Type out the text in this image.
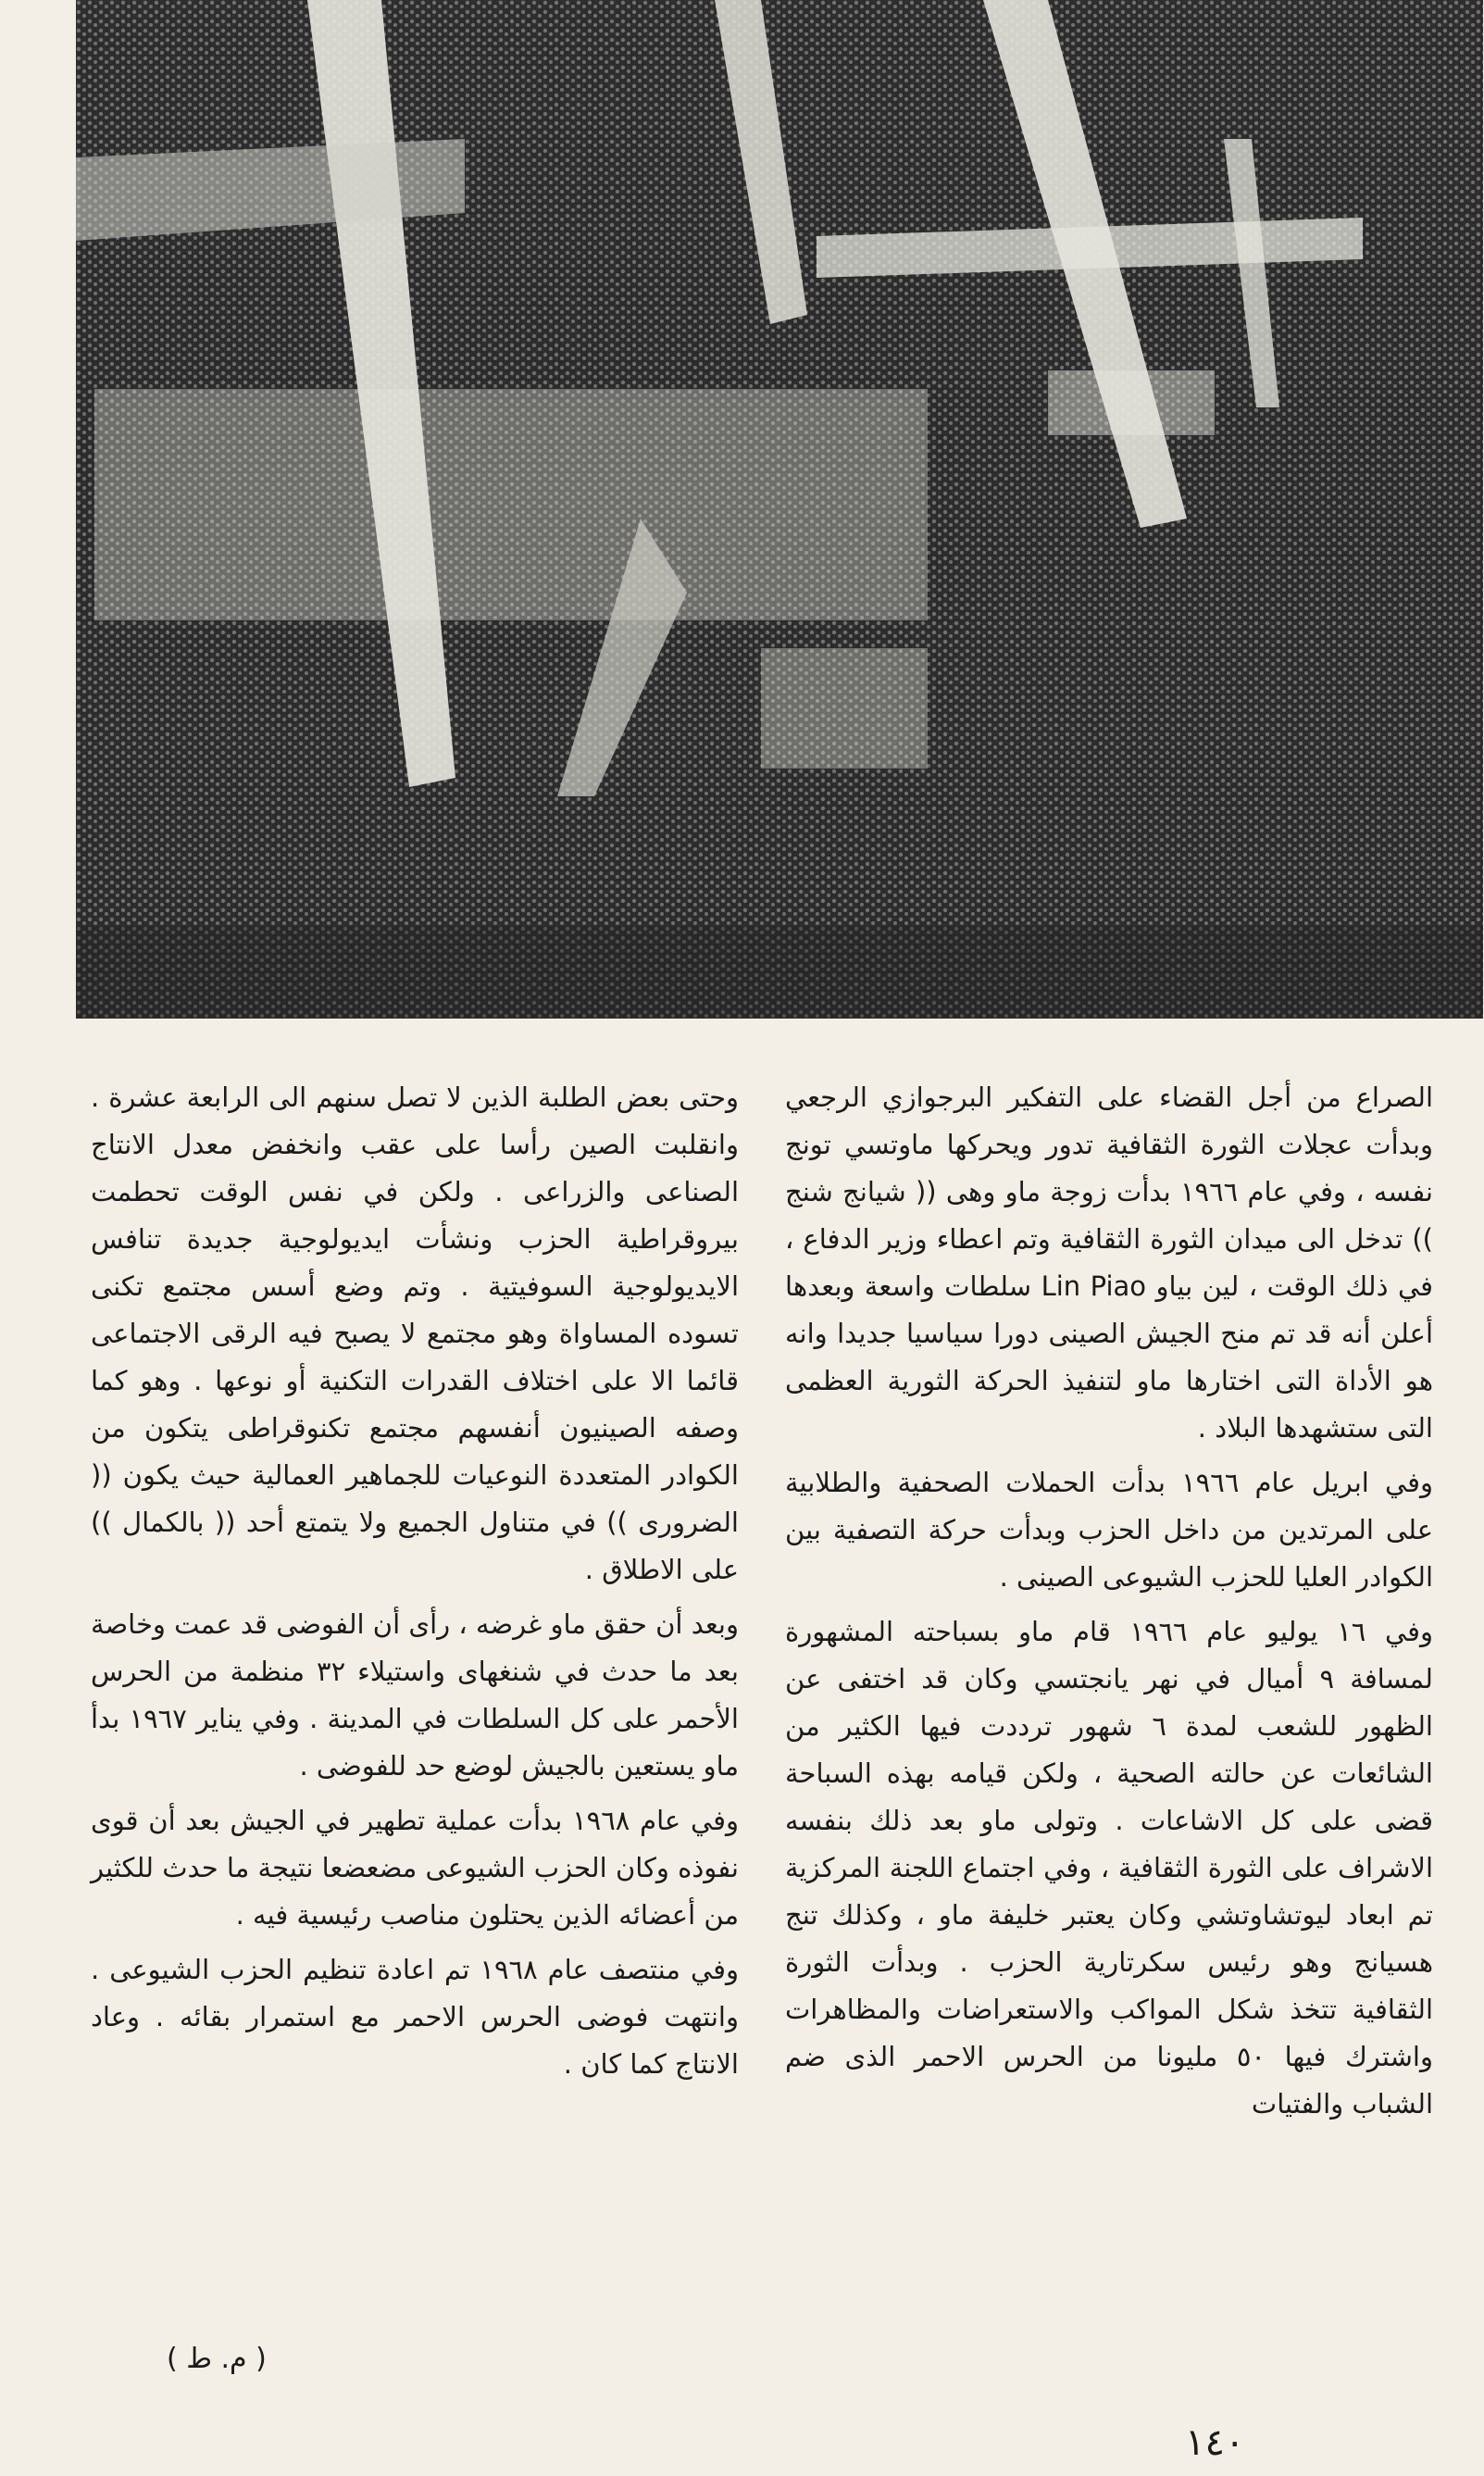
الصراع من أجل القضاء على التفكير البرجوازي الرجعي وبدأت عجلات الثورة الثقافية تدور ويحركها ماوتسي تونج نفسه ، وفي عام ١٩٦٦ بدأت زوجة ماو وهى (( شيانج شنج )) تدخل الى ميدان الثورة الثقافية وتم اعطاء وزير الدفاع ، في ذلك الوقت ، لين بياو Lin Piao سلطات واسعة وبعدها أعلن أنه قد تم منح الجيش الصينى دورا سياسيا جديدا وانه هو الأداة التى اختارها ماو لتنفيذ الحركة الثورية العظمى التى ستشهدها البلاد .

وفي ابريل عام ١٩٦٦ بدأت الحملات الصحفية والطلابية على المرتدين من داخل الحزب وبدأت حركة التصفية بين الكوادر العليا للحزب الشيوعى الصينى .

وفي ١٦ يوليو عام ١٩٦٦ قام ماو بسباحته المشهورة لمسافة ٩ أميال في نهر يانجتسي وكان قد اختفى عن الظهور للشعب لمدة ٦ شهور ترددت فيها الكثير من الشائعات عن حالته الصحية ، ولكن قيامه بهذه السباحة قضى على كل الاشاعات . وتولى ماو بعد ذلك بنفسه الاشراف على الثورة الثقافية ، وفي اجتماع اللجنة المركزية تم ابعاد ليوتشاوتشي وكان يعتبر خليفة ماو ، وكذلك تنج هسيانج وهو رئيس سكرتارية الحزب . وبدأت الثورة الثقافية تتخذ شكل المواكب والاستعراضات والمظاهرات واشترك فيها ٥٠ مليونا من الحرس الاحمر الذى ضم الشباب والفتيات

وحتى بعض الطلبة الذين لا تصل سنهم الى الرابعة عشرة . وانقلبت الصين رأسا على عقب وانخفض معدل الانتاج الصناعى والزراعى . ولكن في نفس الوقت تحطمت بيروقراطية الحزب ونشأت ايديولوجية جديدة تنافس الايديولوجية السوفيتية . وتم وضع أسس مجتمع تكنى تسوده المساواة وهو مجتمع لا يصبح فيه الرقى الاجتماعى قائما الا على اختلاف القدرات التكنية أو نوعها . وهو كما وصفه الصينيون أنفسهم مجتمع تكنوقراطى يتكون من الكوادر المتعددة النوعيات للجماهير العمالية حيث يكون (( الضرورى )) في متناول الجميع ولا يتمتع أحد (( بالكمال )) على الاطلاق .

وبعد أن حقق ماو غرضه ، رأى أن الفوضى قد عمت وخاصة بعد ما حدث في شنغهاى واستيلاء ٣٢ منظمة من الحرس الأحمر على كل السلطات في المدينة . وفي يناير ١٩٦٧ بدأ ماو يستعين بالجيش لوضع حد للفوضى .

وفي عام ١٩٦٨ بدأت عملية تطهير في الجيش بعد أن قوى نفوذه وكان الحزب الشيوعى مضعضعا نتيجة ما حدث للكثير من أعضائه الذين يحتلون مناصب رئيسية فيه .

وفي منتصف عام ١٩٦٨ تم اعادة تنظيم الحزب الشيوعى . وانتهت فوضى الحرس الاحمر مع استمرار بقائه . وعاد الانتاج كما كان .

( م. ط )
١٤٠
